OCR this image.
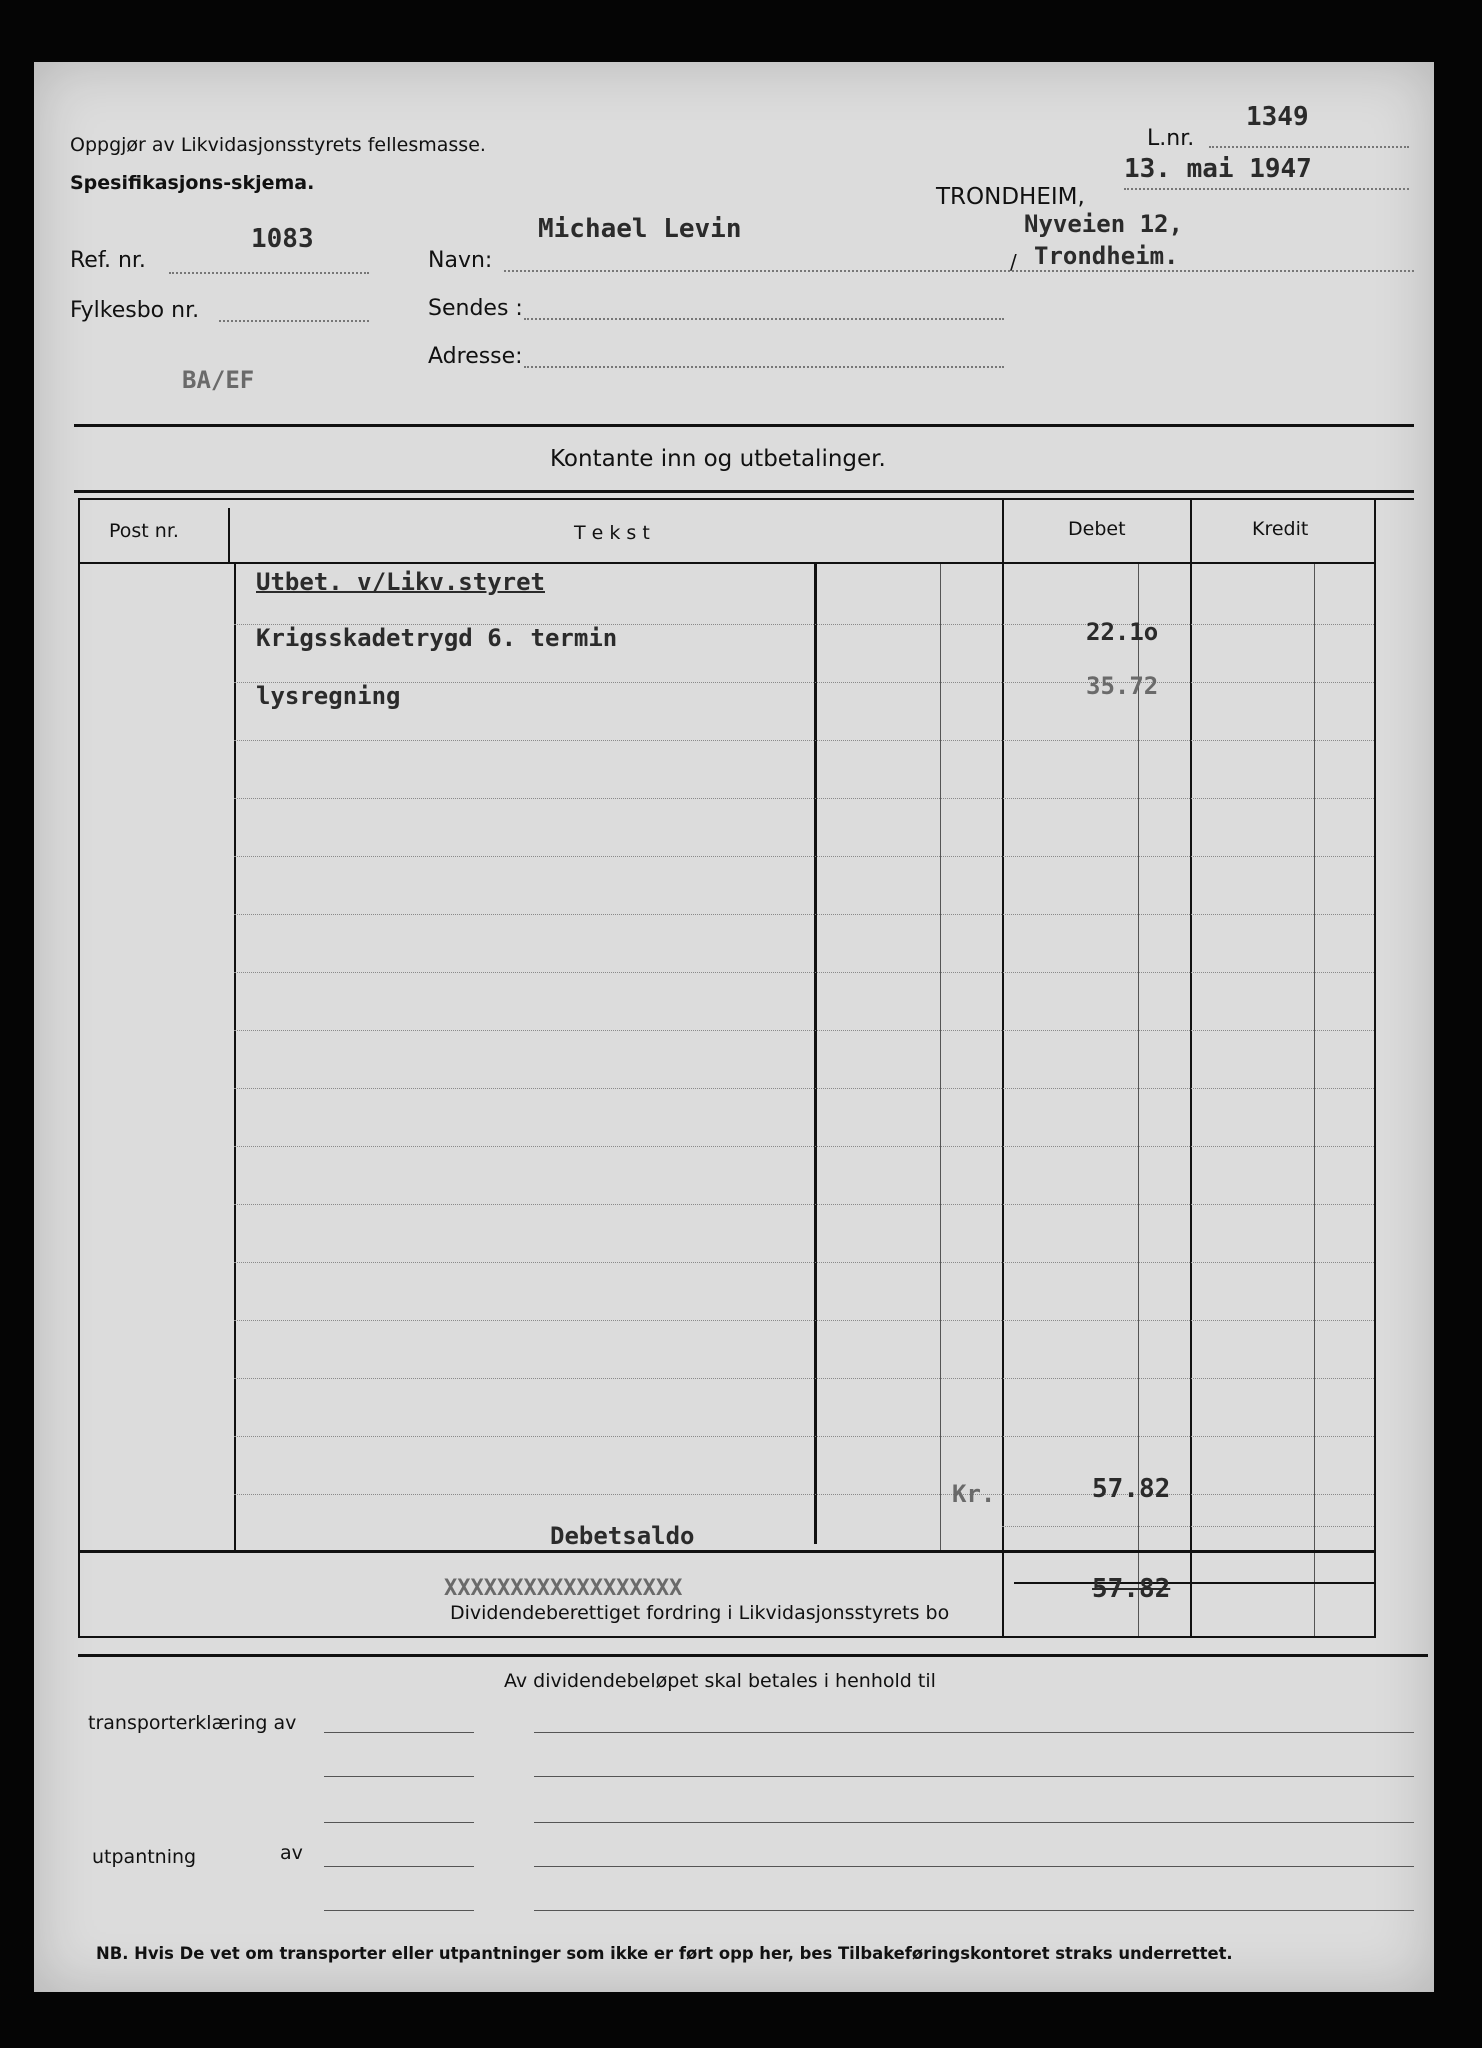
Oppgjør av Likvidasjonsstyrets fellesmasse.
Spesifikasjons-skjema.
L.nr.
1349
TRONDHEIM,
13. mai 1947
Ref. nr.
1083
Fylkesbo nr.
BA/EF
Navn:
Michael Levin
/
Nyveien 12,
Trondheim.
Sendes :
Adresse:
Kontante inn og utbetalinger.
Post nr.	T e k s t	Debet	Kredit
Utbet. v/Likv.styret
Krigsskadetrygd 6. termin	22.1o
lysregning	35.72
Kr.	57.82
Debetsaldo
XXXXXXXXXXXXXXXXXX
Dividendeberettiget fordring i Likvidasjonsstyrets bo
57.82
Av dividendebeløpet skal betales i henhold til
transporterklæring av
utpantning	av
NB. Hvis De vet om transporter eller utpantninger som ikke er ført opp her, bes Tilbakeføringskontoret straks underrettet.
